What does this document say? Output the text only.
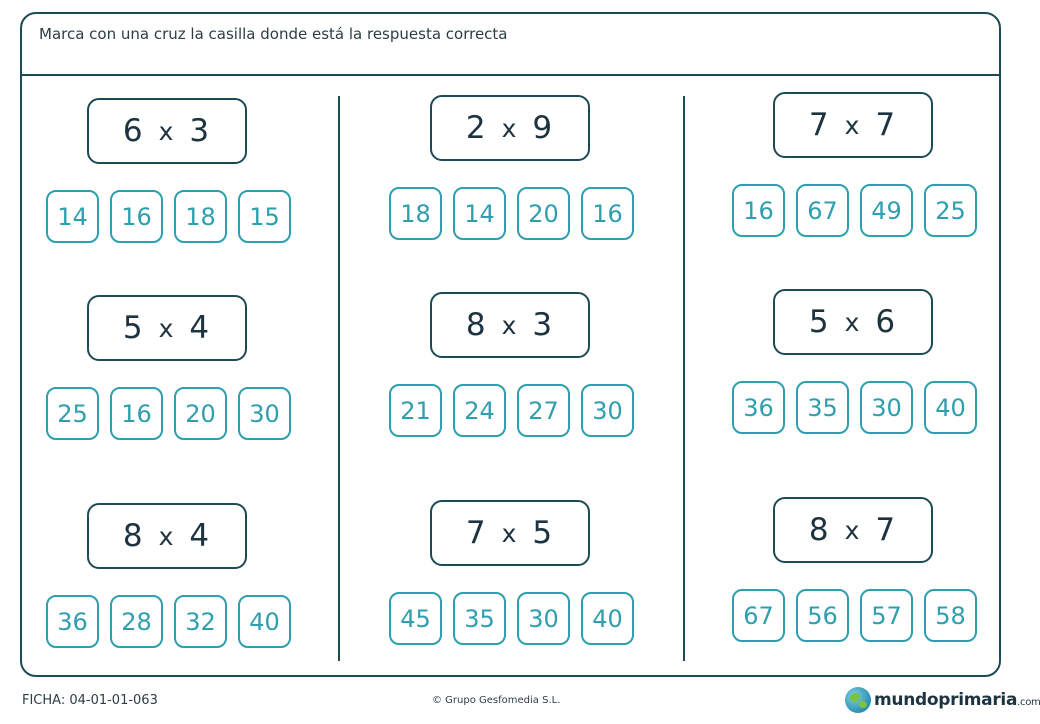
Marca con una cruz la casilla donde está la respuesta correcta
6 x 3
14	16	18	15
5 x 4
25	16	20	30
8 x 4
36	28	32	40
2 x 9
18	14	20	16
8 x 3
21	24	27	30
7 x 5
45	35	30	40
7 x 7
16	67	49	25
5 x 6
36	35	30	40
8 x 7
67	56	57	58
FICHA: 04-01-01-063	© Grupo Gesfomedia S.L.	mundoprimaria.com
